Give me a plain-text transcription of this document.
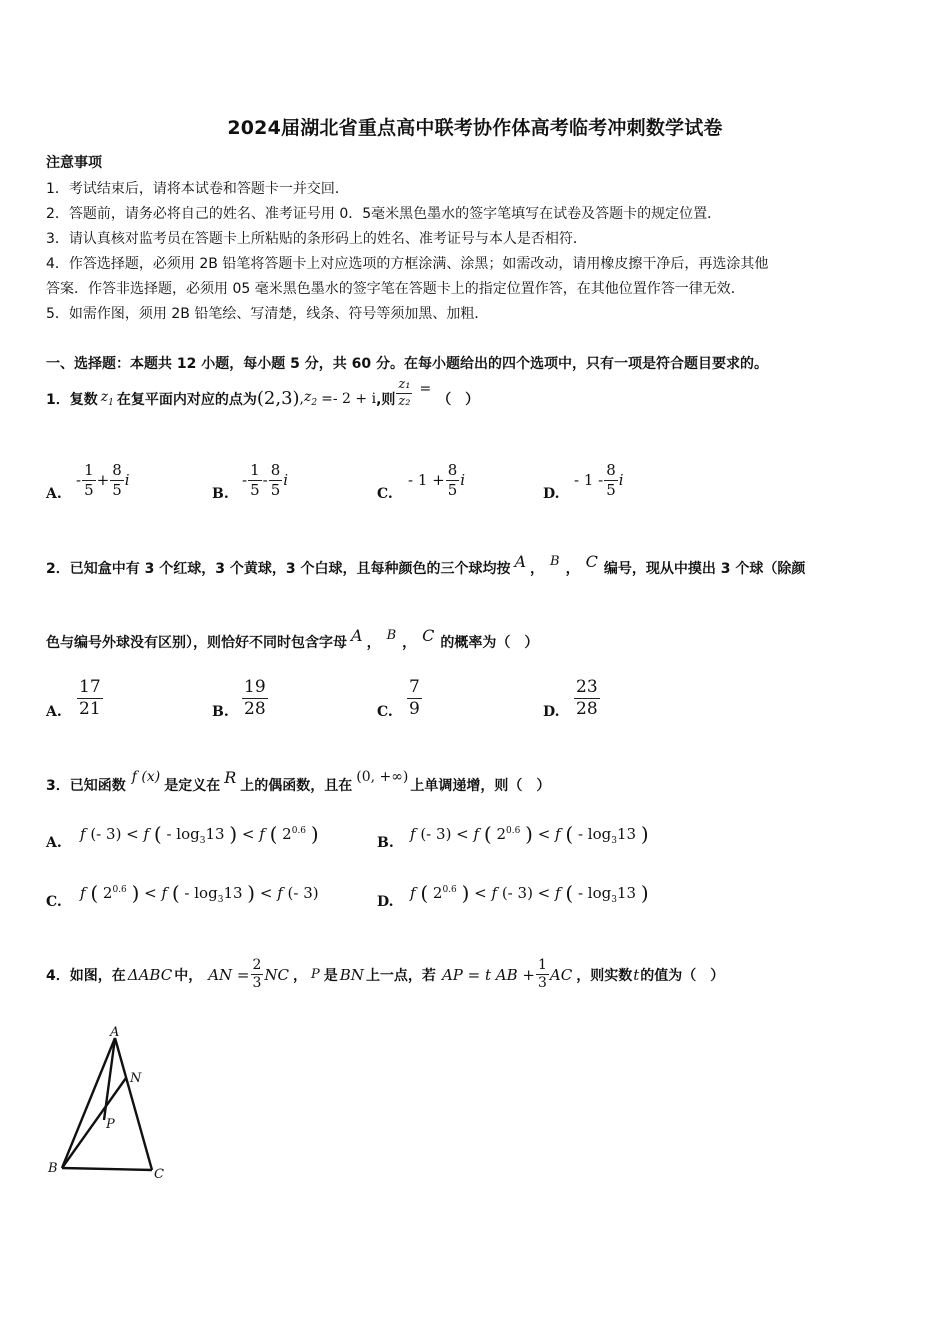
2024届湖北省重点高中联考协作体高考临考冲刺数学试卷
注意事项
1．考试结束后，请将本试卷和答题卡一并交回．
2．答题前，请务必将自己的姓名、准考证号用 0．5毫米黑色墨水的签字笔填写在试卷及答题卡的规定位置．
3．请认真核对监考员在答题卡上所粘贴的条形码上的姓名、准考证号与本人是否相符．
4．作答选择题，必须用 2B 铅笔将答题卡上对应选项的方框涂满、涂黑；如需改动，请用橡皮擦干净后，再选涂其他
答案．作答非选择题，必须用 05 毫米黑色墨水的签字笔在答题卡上的指定位置作答，在其他位置作答一律无效．
5．如需作图，须用 2B 铅笔绘、写清楚，线条、符号等须加黑、加粗．
一、选择题：本题共 12 小题，每小题 5 分，共 60 分。在每小题给出的四个选项中，只有一项是符合题目要求的。
1．复数 $z_1$ 在复平面内对应的点为 (2,3) , $z_2 =- 2 + i$ ,则 $\frac{\text{z₁}}{\text{z₂}}$ =
（　）
A.
- $\frac{1}{5} + \frac{8}{5}$ i
B.
- $\frac{1}{5} - \frac{8}{5}$ i
C.
- $1 + \frac{8}{5}$ i
D.
- $1 - \frac{8}{5}$ i
2．已知盒中有 3 个红球，3 个黄球，3 个白球，且每种颜色的三个球均按 A ， B ， C 编号，现从中摸出 3 个球（除颜
色与编号外球没有区别），则恰好不同时包含字母 A ， B ， C 的概率为（　）
A. $\frac{17}{21}$	B. $\frac{19}{28}$	C. $\frac{7}{9}$	D. $\frac{23}{28}$
3．已知函数
f (x)
是定义在 R 上的偶函数，且在
(0, +∞)
上单调递增，则（　）
A. f (- 3) < f ( - $\log_313$ ) < f ( $2^{0.6}$ )	B. f (- 3) < f ( $2^{0.6}$ ) < f ( - $\log_313$ )
C. f ( $2^{0.6}$ ) < f ( - $\log_313$ ) < f (- 3)	D. f ( $2^{0.6}$ ) < f (- 3) < f ( - $\log_313$ )
4．如图，在 ΔABC 中， AN = $\frac{2}{3}$ NC ， P 是 BN 上一点，若 AP = t AB + $\frac{1}{3}$ AC ，则实数 t 的值为（　）
A
N
P
B	C
